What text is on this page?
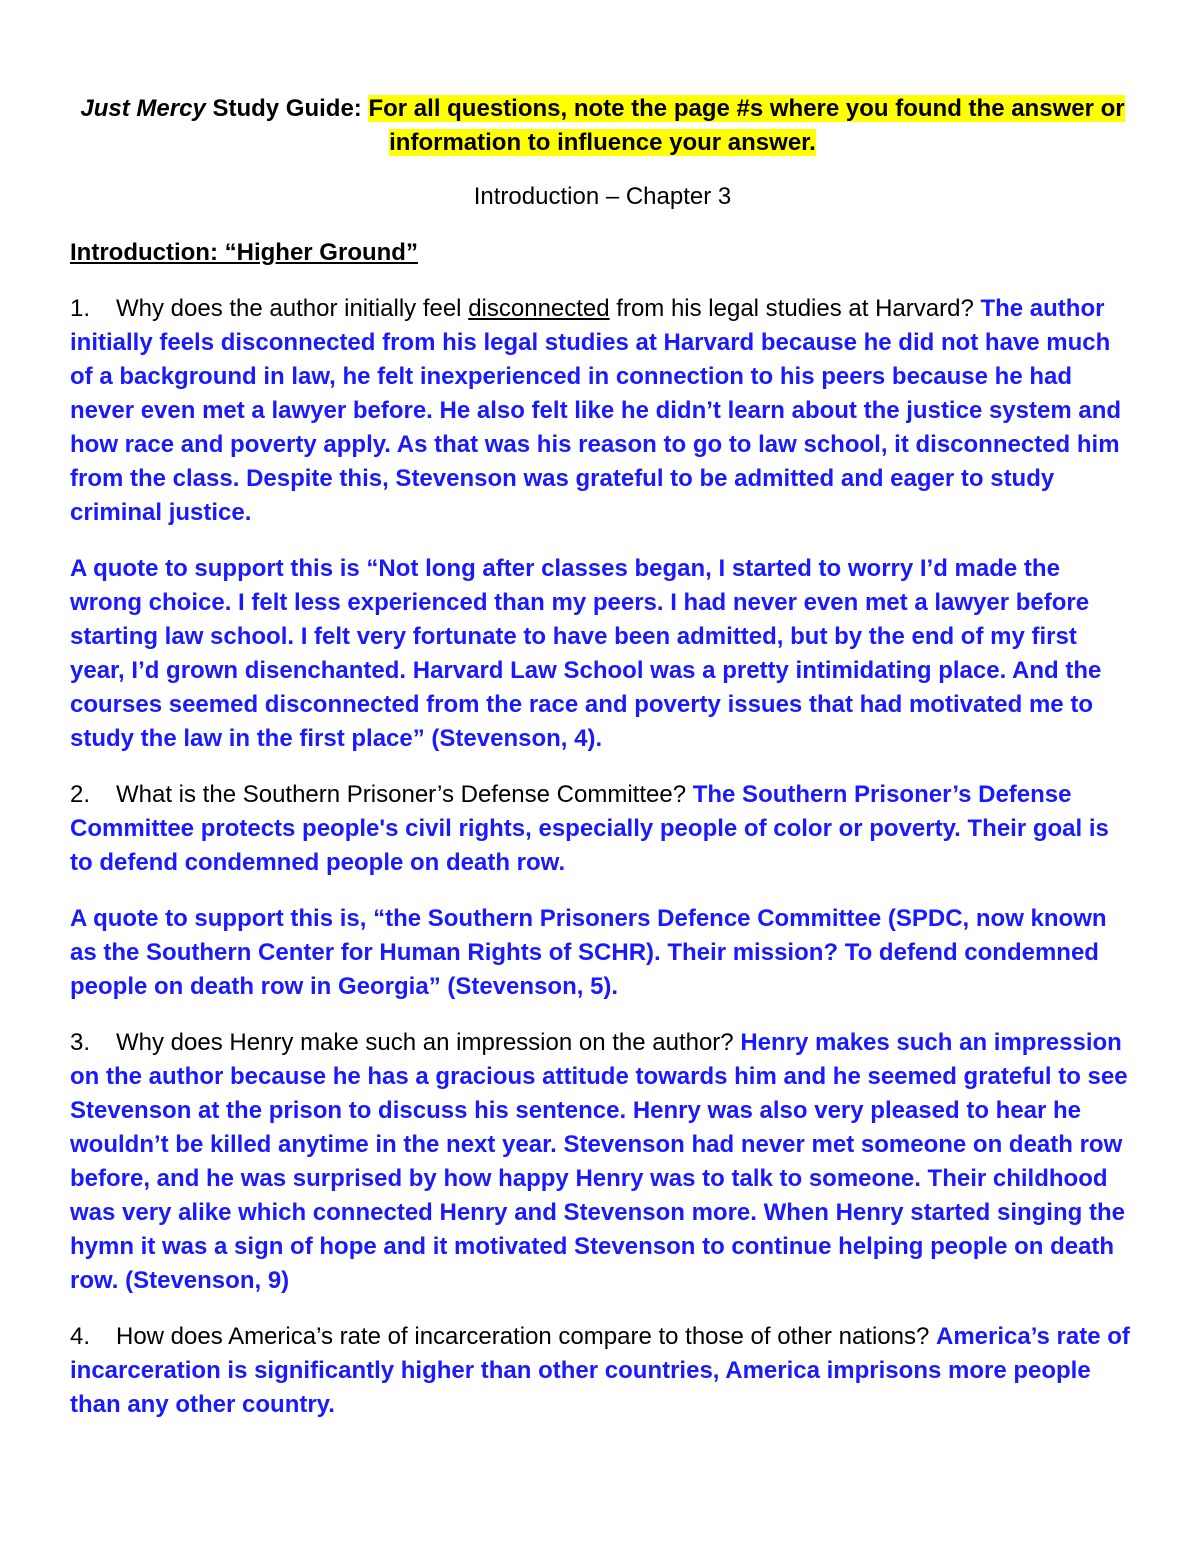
Just Mercy Study Guide: For all questions, note the page #s where you found the answer or information to influence your answer.

Introduction – Chapter 3

Introduction: “Higher Ground”

1. Why does the author initially feel disconnected from his legal studies at Harvard? The author initially feels disconnected from his legal studies at Harvard because he did not have much of a background in law, he felt inexperienced in connection to his peers because he had never even met a lawyer before. He also felt like he didn’t learn about the justice system and how race and poverty apply. As that was his reason to go to law school, it disconnected him from the class. Despite this, Stevenson was grateful to be admitted and eager to study criminal justice.

A quote to support this is “Not long after classes began, I started to worry I’d made the wrong choice. I felt less experienced than my peers. I had never even met a lawyer before starting law school. I felt very fortunate to have been admitted, but by the end of my first year, I’d grown disenchanted. Harvard Law School was a pretty intimidating place. And the courses seemed disconnected from the race and poverty issues that had motivated me to study the law in the first place” (Stevenson, 4).

2. What is the Southern Prisoner’s Defense Committee? The Southern Prisoner’s Defense Committee protects people's civil rights, especially people of color or poverty. Their goal is to defend condemned people on death row.

A quote to support this is, “the Southern Prisoners Defence Committee (SPDC, now known as the Southern Center for Human Rights of SCHR). Their mission? To defend condemned people on death row in Georgia” (Stevenson, 5).

3. Why does Henry make such an impression on the author? Henry makes such an impression on the author because he has a gracious attitude towards him and he seemed grateful to see Stevenson at the prison to discuss his sentence. Henry was also very pleased to hear he wouldn’t be killed anytime in the next year. Stevenson had never met someone on death row before, and he was surprised by how happy Henry was to talk to someone. Their childhood was very alike which connected Henry and Stevenson more. When Henry started singing the hymn it was a sign of hope and it motivated Stevenson to continue helping people on death row. (Stevenson, 9)

4. How does America’s rate of incarceration compare to those of other nations? America’s rate of incarceration is significantly higher than other countries, America imprisons more people than any other country.
